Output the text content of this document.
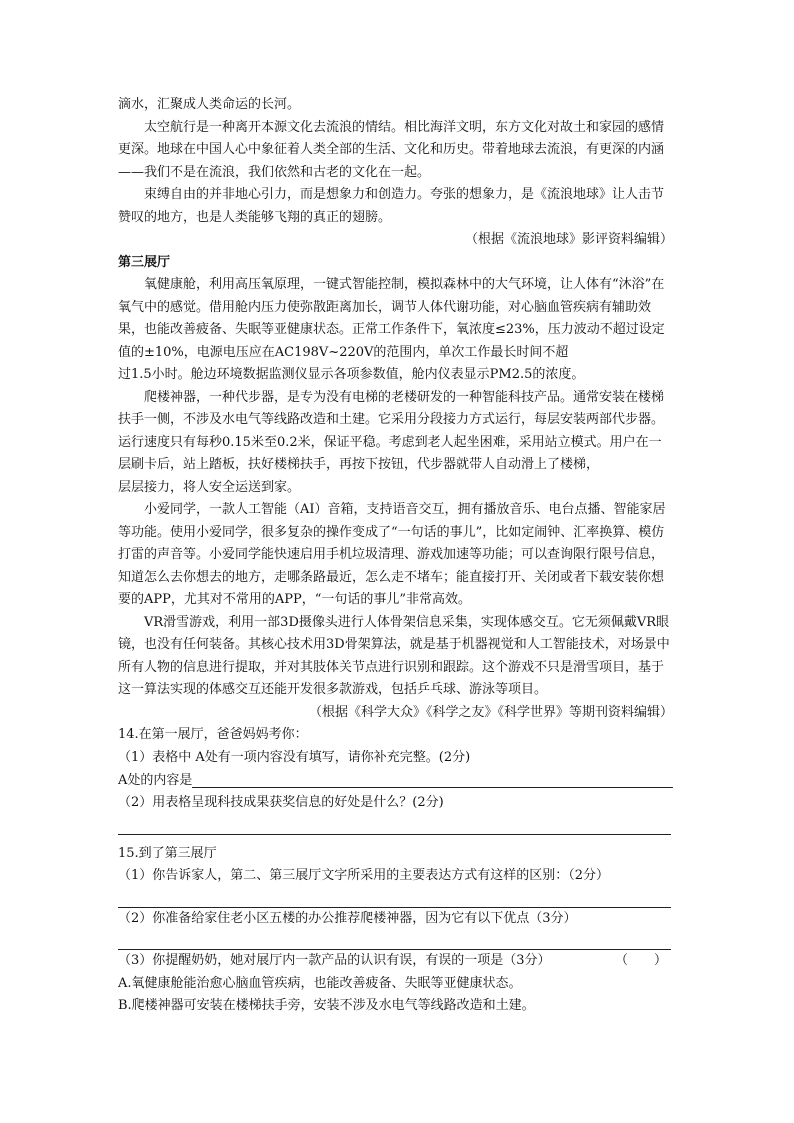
滴水，汇聚成人类命运的长河。

太空航行是一种离开本源文化去流浪的情结。相比海洋文明，东方文化对故土和家园的感情更深。地球在中国人心中象征着人类全部的生活、文化和历史。带着地球去流浪，有更深的内涵——我们不是在流浪，我们依然和古老的文化在一起。

束缚自由的并非地心引力，而是想象力和创造力。夸张的想象力，是《流浪地球》让人击节赞叹的地方，也是人类能够飞翔的真正的翅膀。

（根据《流浪地球》影评资料编辑）

第三展厅

氧健康舱，利用高压氧原理，一键式智能控制，模拟森林中的大气环境，让人体有“沐浴”在氧气中的感觉。借用舱内压力使弥散距离加长，调节人体代谢功能，对心脑血管疾病有辅助效果，也能改善疲备、失眠等亚健康状态。正常工作条件下，氧浓度≤23%，压力波动不超过设定值的±10%，电源电压应在AC198V~220V的范围内，单次工作最长时间不超

过1.5小时。舱边环境数据监测仪显示各项参数值，舱内仪表显示PM2.5的浓度。

爬楼神器，一种代步器，是专为没有电梯的老楼研发的一种智能科技产品。通常安装在楼梯扶手一侧，不涉及水电气等线路改造和土建。它采用分段接力方式运行，每层安装两部代步器。运行速度只有每秒0.15米至0.2米，保证平稳。考虑到老人起坐困难，采用站立模式。用户在一层刷卡后，站上踏板，扶好楼梯扶手，再按下按钮，代步器就带人自动滑上了楼梯，

层层接力，将人安全运送到家。

小爱同学，一款人工智能（AI）音箱，支持语音交互，拥有播放音乐、电台点播、智能家居等功能。使用小爱同学，很多复杂的操作变成了“一句话的事儿”，比如定闹钟、汇率换算、模仿打雷的声音等。小爱同学能快速启用手机垃圾清理、游戏加速等功能；可以查询限行限号信息，知道怎么去你想去的地方，走哪条路最近，怎么走不堵车；能直接打开、关闭或者下载安装你想要的APP，尤其对不常用的APP，“一句话的事儿”非常高效。

VR滑雪游戏，利用一部3D摄像头进行人体骨架信息采集，实现体感交互。它无须佩戴VR眼镜，也没有任何装备。其核心技术用3D骨架算法，就是基于机器视觉和人工智能技术，对场景中所有人物的信息进行提取，并对其肢体关节点进行识别和跟踪。这个游戏不只是滑雪项目，基于这一算法实现的体感交互还能开发很多款游戏，包括乒乓球、游泳等项目。

（根据《科学大众》《科学之友》《科学世界》等期刊资料编辑）

14.在第一展厅，爸爸妈妈考你：

（1）表格中 A处有一项内容没有填写，请你补充完整。(2分)

A处的内容是

（2）用表格呈现科技成果获奖信息的好处是什么？(2分)

15.到了第三展厅

（1）你告诉家人，第二、第三展厅文字所采用的主要表达方式有这样的区别：（2分）

（2）你准备给家住老小区五楼的办公推荐爬楼神器，因为它有以下优点（3分）

（3）你提醒奶奶，她对展厅内一款产品的认识有误，有误的一项是（3分）	（　　）

A.氧健康舱能治愈心脑血管疾病，也能改善疲备、失眠等亚健康状态。

B.爬楼神器可安装在楼梯扶手旁，安装不涉及水电气等线路改造和土建。
